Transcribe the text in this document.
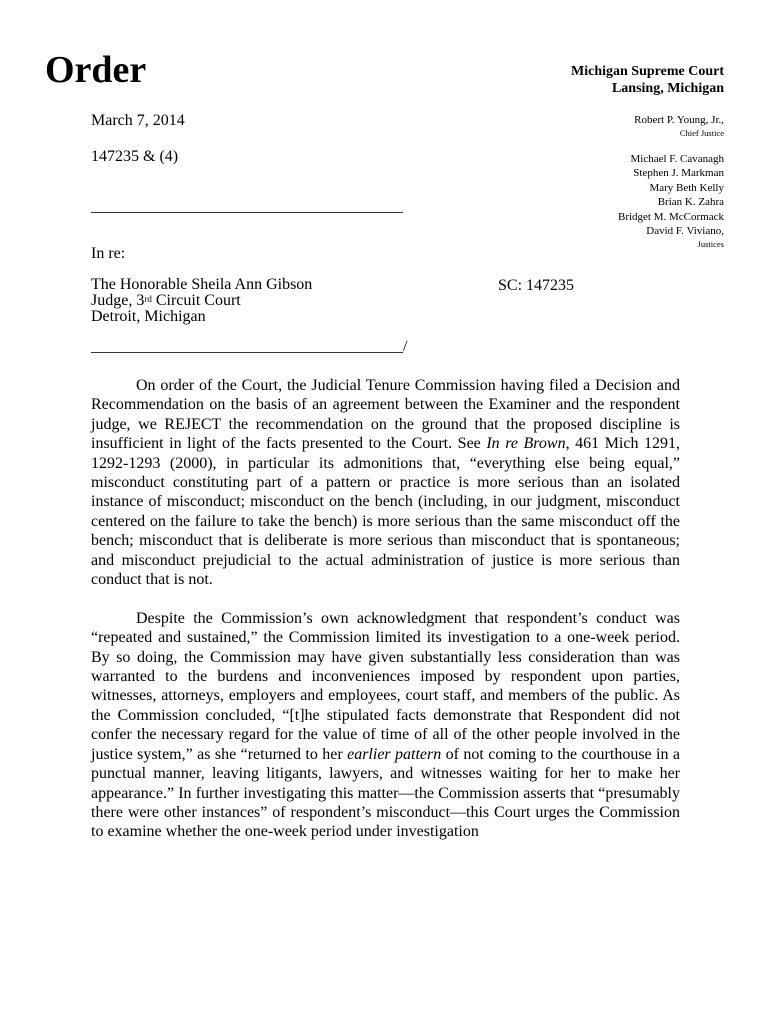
Order	Michigan Supreme Court
Lansing, Michigan
March 7, 2014
147235 & (4)
_______________________________________
In re:
The Honorable Sheila Ann Gibson
Judge, 3rd Circuit Court
Detroit, Michigan
SC: 147235
_______________________________________/
Robert P. Young, Jr.,
Chief Justice
Michael F. Cavanagh
Stephen J. Markman
Mary Beth Kelly
Brian K. Zahra
Bridget M. McCormack
David F. Viviano,
Justices

On order of the Court, the Judicial Tenure Commission having filed a Decision and Recommendation on the basis of an agreement between the Examiner and the respondent judge, we REJECT the recommendation on the ground that the proposed discipline is insufficient in light of the facts presented to the Court. See In re Brown, 461 Mich 1291, 1292-1293 (2000), in particular its admonitions that, “everything else being equal,” misconduct constituting part of a pattern or practice is more serious than an isolated instance of misconduct; misconduct on the bench (including, in our judgment, misconduct centered on the failure to take the bench) is more serious than the same misconduct off the bench; misconduct that is deliberate is more serious than misconduct that is spontaneous; and misconduct prejudicial to the actual administration of justice is more serious than conduct that is not.

Despite the Commission’s own acknowledgment that respondent’s conduct was “repeated and sustained,” the Commission limited its investigation to a one-week period. By so doing, the Commission may have given substantially less consideration than was warranted to the burdens and inconveniences imposed by respondent upon parties, witnesses, attorneys, employers and employees, court staff, and members of the public. As the Commission concluded, “[t]he stipulated facts demonstrate that Respondent did not confer the necessary regard for the value of time of all of the other people involved in the justice system,” as she “returned to her earlier pattern of not coming to the courthouse in a punctual manner, leaving litigants, lawyers, and witnesses waiting for her to make her appearance.” In further investigating this matter—the Commission asserts that “presumably there were other instances” of respondent’s misconduct—this Court urges the Commission to examine whether the one-week period under investigation
